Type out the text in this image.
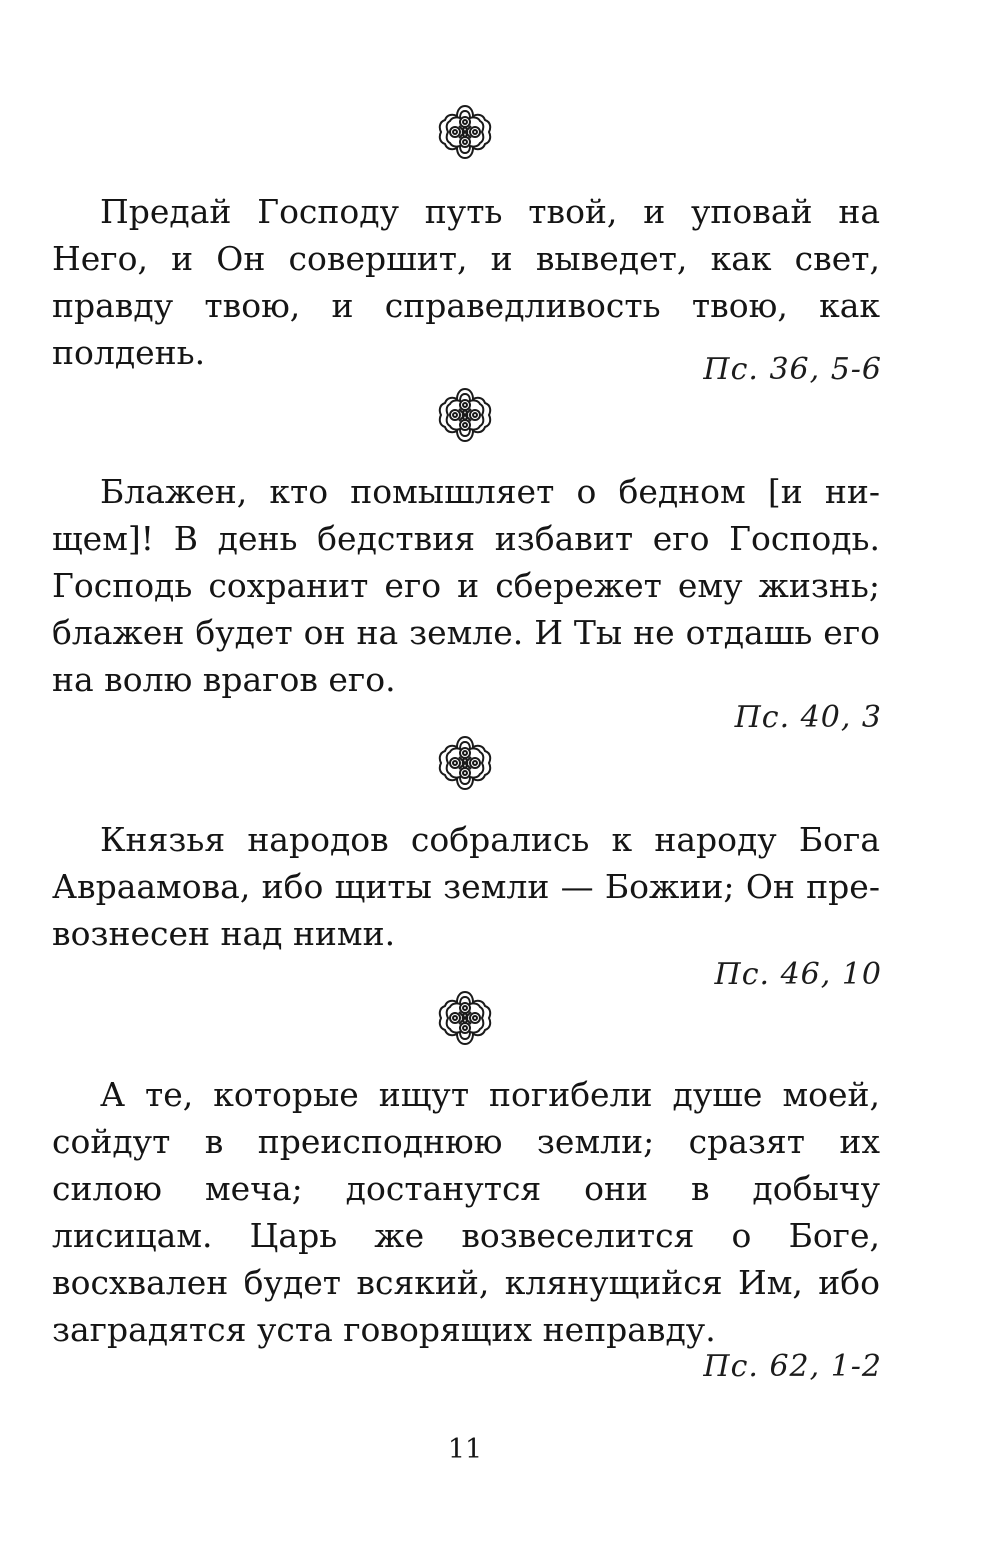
Предай Господу путь твой, и уповай на Него, и Он совершит, и выведет, как свет, правду твою, и справедливость твою, как полдень.	Пс. 36, 5-6

Блажен, кто помышляет о бедном [и нищем]! В день бедствия избавит его Господь. Господь сохранит его и сбережет ему жизнь; блажен будет он на земле. И Ты не отдашь его на волю врагов его.

Пс. 40, 3

Князья народов собрались к народу Бога Авраамова, ибо щиты земли — Божии; Он превознесен над ними.

Пс. 46, 10

А те, которые ищут погибели душе моей, сойдут в преисподнюю земли; сразят их силою меча; достанутся они в добычу лисицам. Царь же возвеселится о Боге, восхвален будет всякий, клянущийся Им, ибо заградятся уста говорящих неправду.

Пс. 62, 1-2
11
